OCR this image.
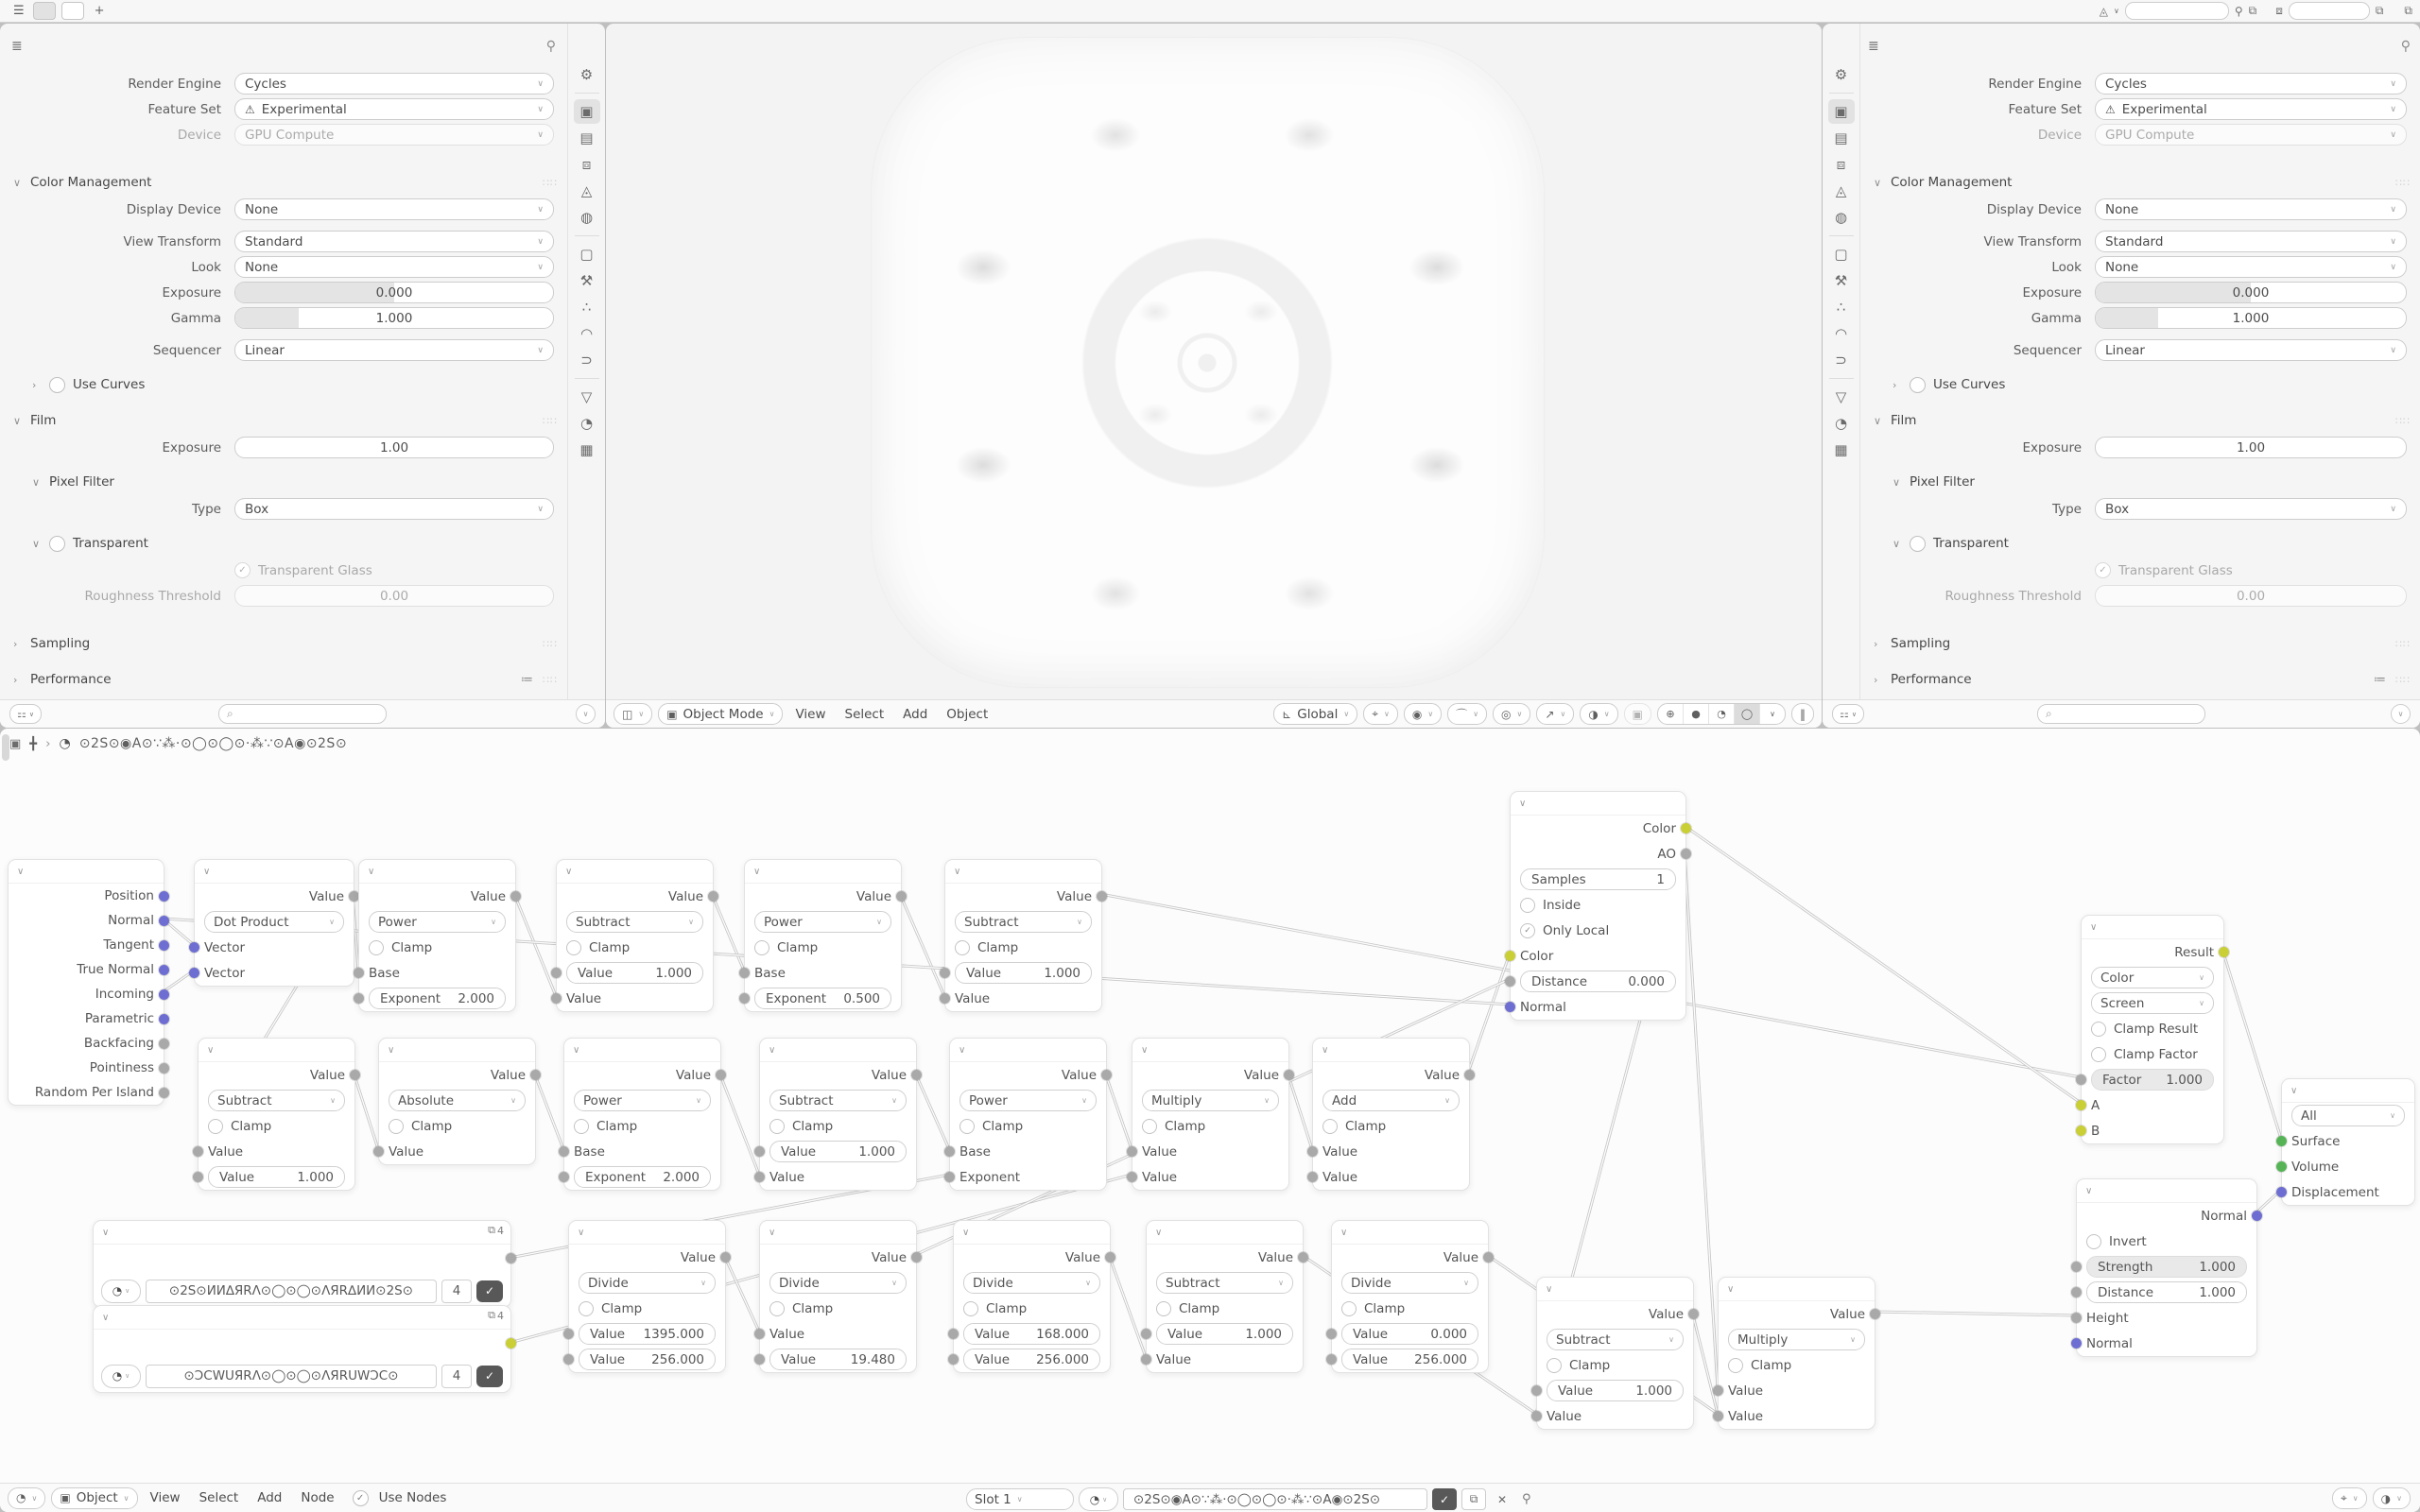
☰	+	◬ ∨	⚲ ⧉ ⧈	⧉ ⧉
≣	⚲
Render Engine	Cycles	∨
Feature Set	⚠ Experimental	∨
Device	GPU Compute	∨
∨ Color Management	∷∷
Display Device	None	∨
View Transform	Standard	∨
Look	None	∨
Exposure	0.000
Gamma	1.000
Sequencer	Linear	∨
›	Use Curves
∨ Film	∷∷
Exposure	1.00
∨ Pixel Filter
Type	Box	∨
∨	Transparent
✓ Transparent Glass
Roughness Threshold	0.00
›	Sampling	∷∷
›	Performance	≔ ∷∷
⚙
▣
▤
⧈
◬
◍
▢
⚒
∴
◠
⊃
▽
◔
▦
⚏ ∨	⌕	∨	◫ ∨ ▣ Object Mode ∨	View	Select	Add	Object	⊾ Global ∨ ⌖ ∨ ◉ ∨ ⌒ ∨ ◎ ∨ ↗ ∨ ◑ ∨ ▣ ⊕ ● ◔ ◯ ∨ ‖
≣	⚲
Render Engine	Cycles	∨
Feature Set	⚠ Experimental	∨
Device	GPU Compute	∨
∨ Color Management	∷∷
Display Device	None	∨
View Transform	Standard	∨
Look	None	∨
Exposure	0.000
Gamma	1.000
Sequencer	Linear	∨
›	Use Curves
∨ Film	∷∷
Exposure	1.00
∨ Pixel Filter
Type	Box	∨
∨	Transparent
✓ Transparent Glass
Roughness Threshold	0.00
›	Sampling	∷∷
›	Performance	≔ ∷∷
⚙
▣
▤
⧈
◬
◍
▢
⚒
∴
◠
⊃
▽
◔
▦
⚏ ∨	⌕	∨
▣ ╋ › ◔ ⊙2S⊙◉A⊙∵⁂·⊙◯⊙◯⊙·⁂∵⊙A◉⊙2S⊙
∨
Position
Normal
Tangent
True Normal
Incoming
Parametric
Backfacing
Pointiness
Random Per Island
∨
Value
Dot Product	∨
Vector
Vector
∨
Value
Power	∨
Clamp
Base
Exponent 2.000
∨
Value
Subtract	∨
Clamp
Value	1.000
Value
∨
Value
Power	∨
Clamp
Base
Exponent 0.500
∨
Value
Subtract	∨
Clamp
Value	1.000
Value
∨
Value
Subtract	∨
Clamp
Value
Value	1.000
∨
Value
Absolute	∨
Clamp
Value
∨
Value
Power	∨
Clamp
Base
Exponent 2.000
∨
Value
Subtract	∨
Clamp
Value	1.000
Value
∨
Value
Power	∨
Clamp
Base
Exponent
∨
Value
Multiply	∨
Clamp
Value
Value
∨
Value
Add	∨
Clamp
Value
Value
∨
Color
AO
Samples	1
Inside
✓ Only Local
Color
Distance	0.000
Normal
∨
Result
Color	∨
Screen	∨
Clamp Result
Clamp Factor
Factor 1.000
A
B
∨
All	∨
Surface
Volume
Displacement
∨
Normal
Invert
Strength	1.000
Distance	1.000
Height
Normal
∨	⧉ 4
◔ ∨	⊙2S⊙ИИ∆ЯRΛ⊙◯⊙◯⊙ΛЯR∆ИИ⊙2S⊙	4	✓
∨	⧉ 4
◔ ∨	⊙ƆCWUЯRΛ⊙◯⊙◯⊙ΛЯRUWƆC⊙	4	✓
∨
Value
Divide	∨
Clamp
Value 1395.000
Value 256.000
∨
Value
Divide	∨
Clamp
Value
Value	19.480
∨
Value
Divide	∨
Clamp
Value 168.000
Value 256.000
∨
Value
Subtract	∨
Clamp
Value	1.000
Value
∨
Value
Divide	∨
Clamp
Value	0.000
Value 256.000
∨
Value
Subtract	∨
Clamp
Value	1.000
Value
∨
Value
Multiply	∨
Clamp
Value
Value
◔ ∨ ▣ Object ∨	View	Select	Add	Node	✓ Use Nodes	Slot 1 ∨	◔ ∨	⊙2S⊙◉A⊙∵⁂·⊙◯⊙◯⊙·⁂∵⊙A◉⊙2S⊙	✓ ⧉ ✕ ⚲	⌖ ∨ ◑ ∨
